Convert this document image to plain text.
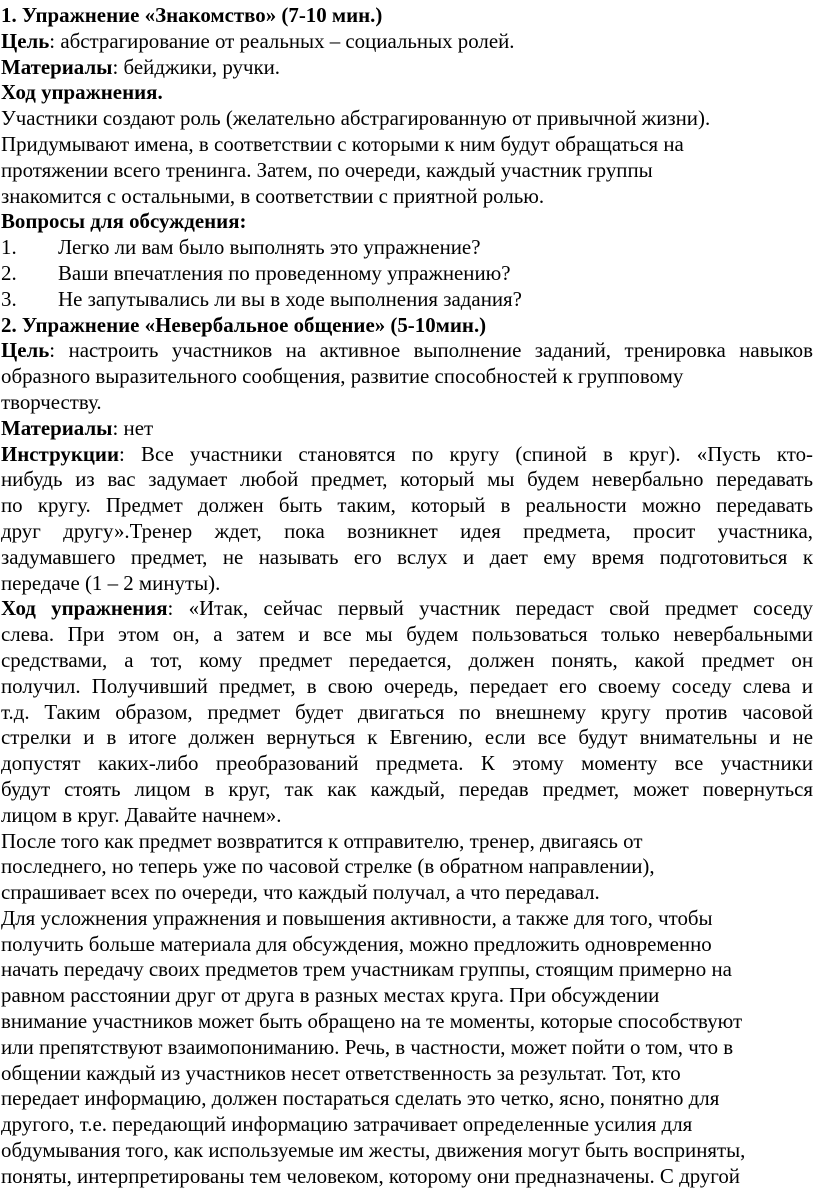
1. Упражнение «Знакомство» (7-10 мин.)
Цель: абстрагирование от реальных – социальных ролей.
Материалы: бейджики, ручки.
Ход упражнения.
Участники создают роль (желательно абстрагированную от привычной жизни).
Придумывают имена, в соответствии с которыми к ним будут обращаться на
протяжении всего тренинга. Затем, по очереди, каждый участник группы
знакомится с остальными, в соответствии с приятной ролью.
Вопросы для обсуждения:
1.	Легко ли вам было выполнять это упражнение?
2.	Ваши впечатления по проведенному упражнению?
3.	Не запутывались ли вы в ходе выполнения задания?
2. Упражнение «Невербальное общение» (5-10мин.)
Цель: настроить участников на активное выполнение заданий, тренировка навыков
образного выразительного сообщения, развитие способностей к групповому
творчеству.
Материалы: нет
Инструкции: Все участники становятся по кругу (спиной в круг). «Пусть кто-
нибудь из вас задумает любой предмет, который мы будем невербально передавать
по кругу. Предмет должен быть таким, который в реальности можно передавать
друг другу».Тренер ждет, пока возникнет идея предмета, просит участника,
задумавшего предмет, не называть его вслух и дает ему время подготовиться к
передаче (1 – 2 минуты).
Ход упражнения: «Итак, сейчас первый участник передаст свой предмет соседу
слева. При этом он, а затем и все мы будем пользоваться только невербальными
средствами, а тот, кому предмет передается, должен понять, какой предмет он
получил. Получивший предмет, в свою очередь, передает его своему соседу слева и
т.д. Таким образом, предмет будет двигаться по внешнему кругу против часовой
стрелки и в итоге должен вернуться к Евгению, если все будут внимательны и не
допустят каких-либо преобразований предмета. К этому моменту все участники
будут стоять лицом в круг, так как каждый, передав предмет, может повернуться
лицом в круг. Давайте начнем».
После того как предмет возвратится к отправителю, тренер, двигаясь от
последнего, но теперь уже по часовой стрелке (в обратном направлении),
спрашивает всех по очереди, что каждый получал, а что передавал.
Для усложнения упражнения и повышения активности, а также для того, чтобы
получить больше материала для обсуждения, можно предложить одновременно
начать передачу своих предметов трем участникам группы, стоящим примерно на
равном расстоянии друг от друга в разных местах круга. При обсуждении
внимание участников может быть обращено на те моменты, которые способствуют
или препятствуют взаимопониманию. Речь, в частности, может пойти о том, что в
общении каждый из участников несет ответственность за результат. Тот, кто
передает информацию, должен постараться сделать это четко, ясно, понятно для
другого, т.е. передающий информацию затрачивает определенные усилия для
обдумывания того, как используемые им жесты, движения могут быть восприняты,
поняты, интерпретированы тем человеком, которому они предназначены. С другой
